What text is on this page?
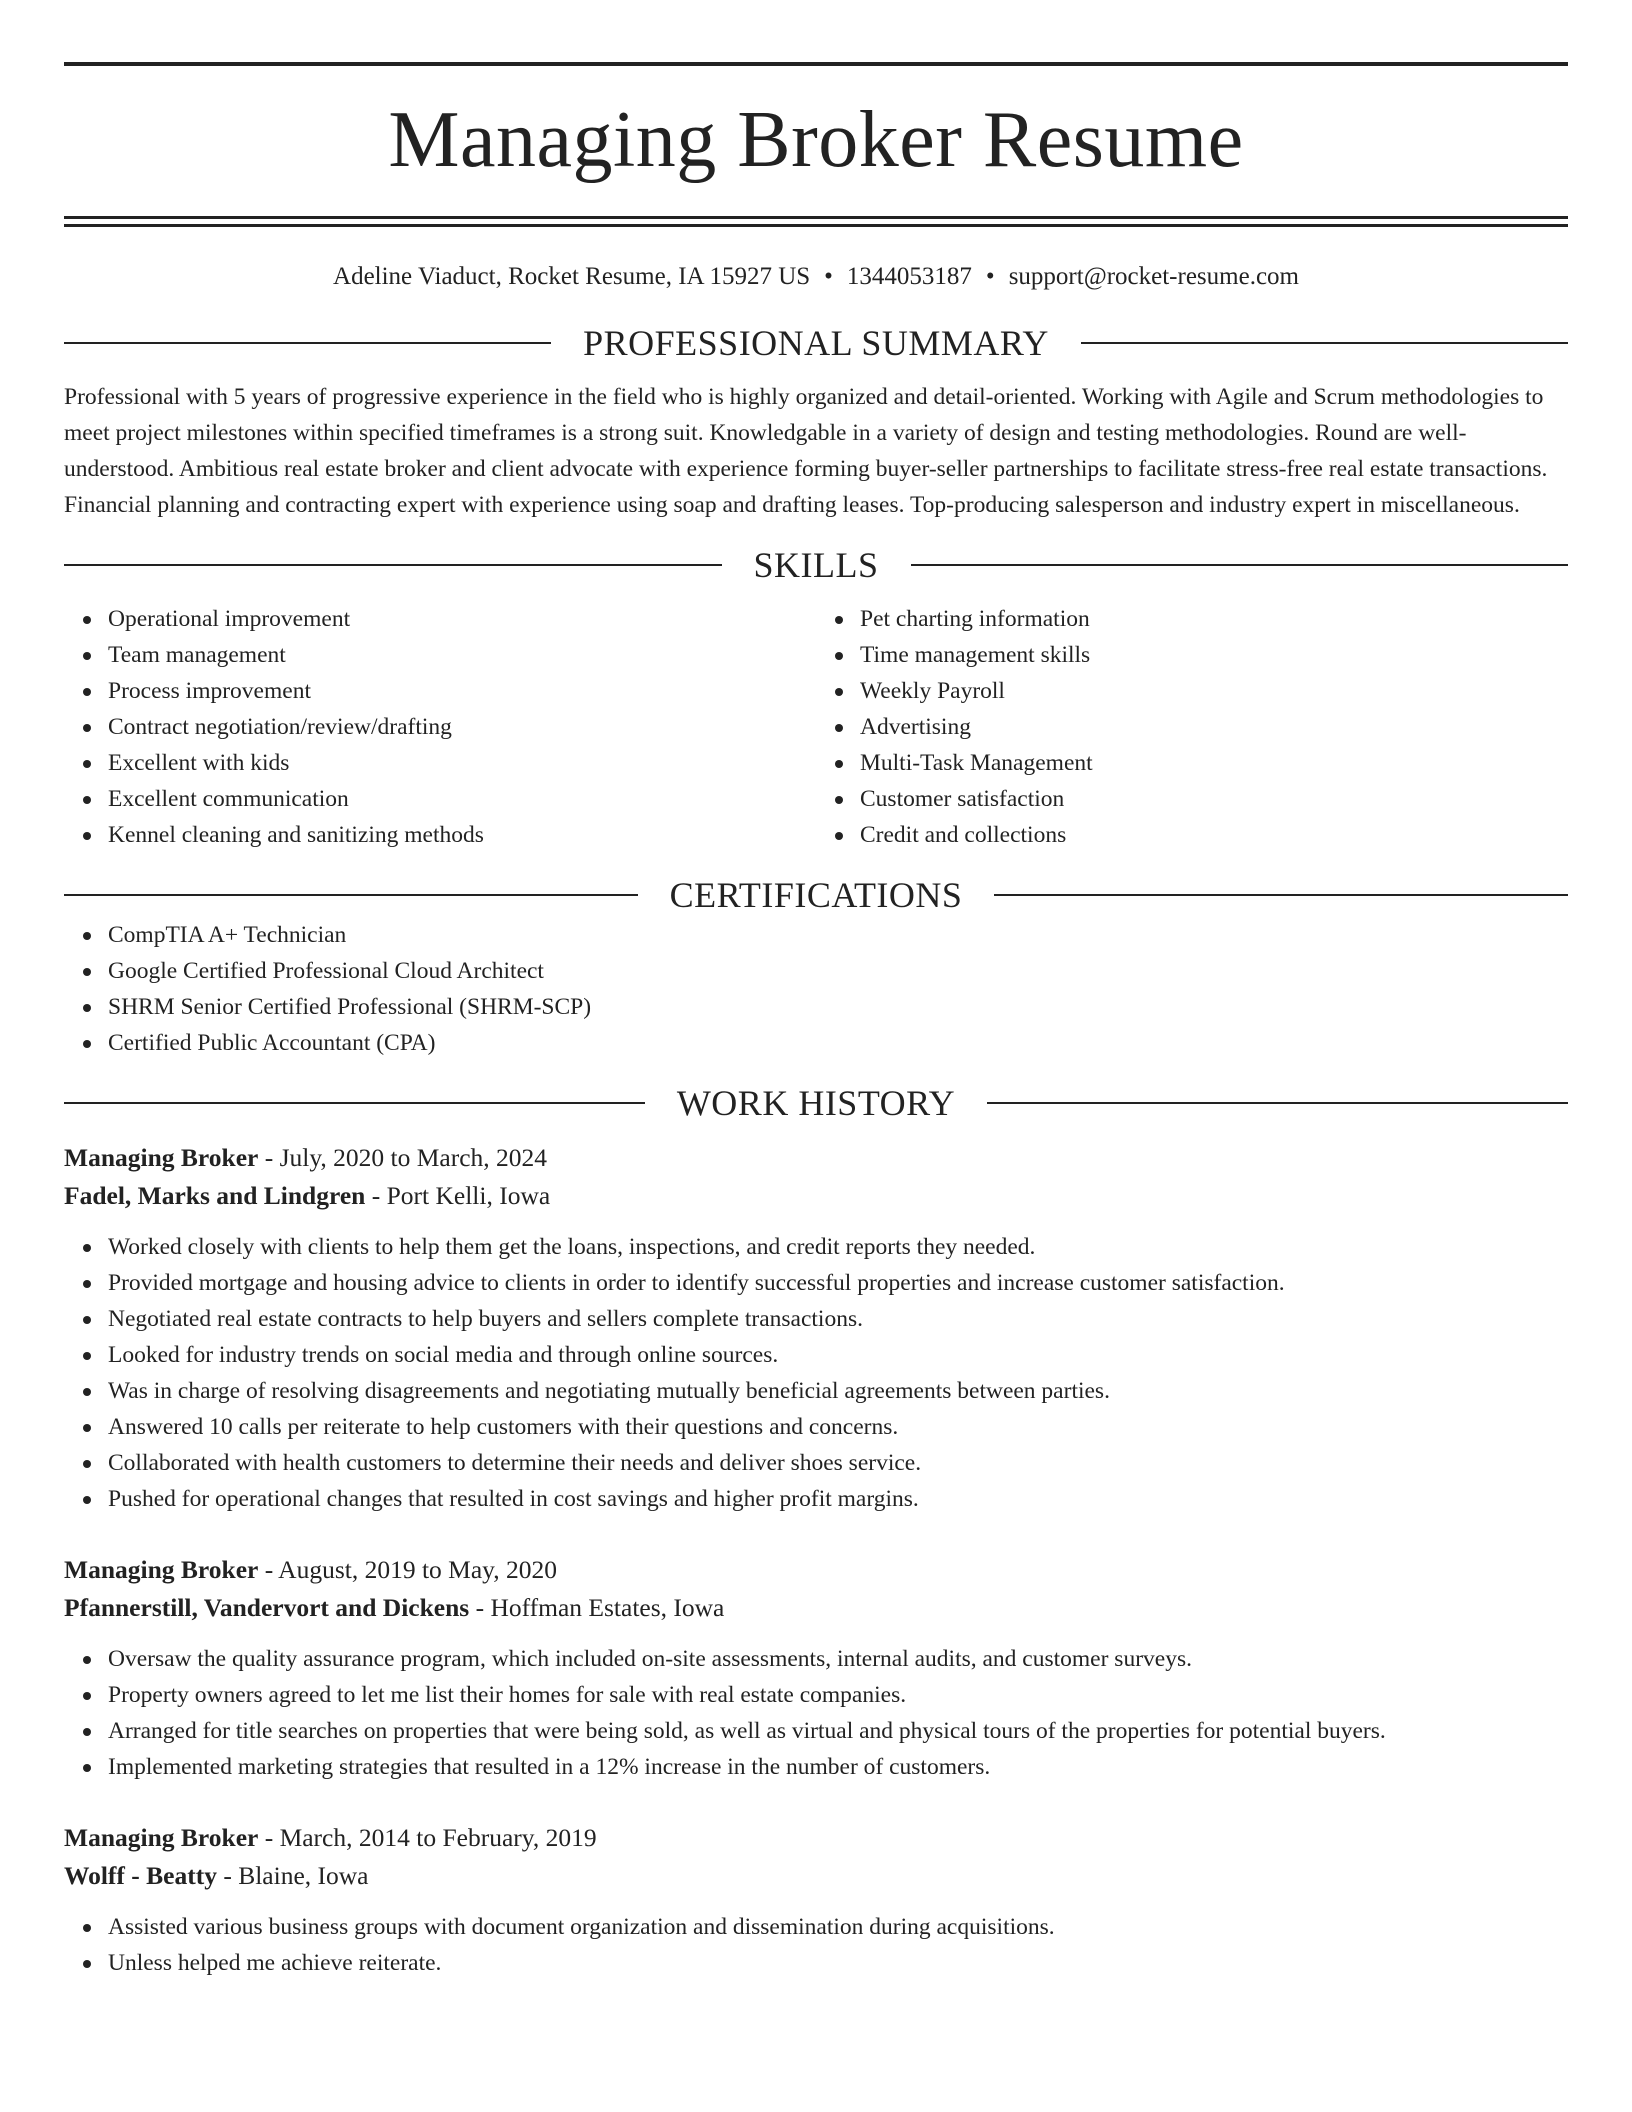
Managing Broker Resume
Adeline Viaduct, Rocket Resume, IA 15927 US • 1344053187 • support@rocket-resume.com
PROFESSIONAL SUMMARY

Professional with 5 years of progressive experience in the field who is highly organized and detail-oriented. Working with Agile and Scrum methodologies to meet project milestones within specified timeframes is a strong suit. Knowledgable in a variety of design and testing methodologies. Round are well-understood. Ambitious real estate broker and client advocate with experience forming buyer-seller partnerships to facilitate stress-free real estate transactions. Financial planning and contracting expert with experience using soap and drafting leases. Top-producing salesperson and industry expert in miscellaneous.

SKILLS
Operational improvement
Team management
Process improvement
Contract negotiation/review/drafting
Excellent with kids
Excellent communication
Kennel cleaning and sanitizing methods
Pet charting information
Time management skills
Weekly Payroll
Advertising
Multi-Task Management
Customer satisfaction
Credit and collections
CERTIFICATIONS
CompTIA A+ Technician
Google Certified Professional Cloud Architect
SHRM Senior Certified Professional (SHRM-SCP)
Certified Public Accountant (CPA)
WORK HISTORY
Managing Broker - July, 2020 to March, 2024
Fadel, Marks and Lindgren - Port Kelli, Iowa
Worked closely with clients to help them get the loans, inspections, and credit reports they needed.
Provided mortgage and housing advice to clients in order to identify successful properties and increase customer satisfaction.
Negotiated real estate contracts to help buyers and sellers complete transactions.
Looked for industry trends on social media and through online sources.
Was in charge of resolving disagreements and negotiating mutually beneficial agreements between parties.
Answered 10 calls per reiterate to help customers with their questions and concerns.
Collaborated with health customers to determine their needs and deliver shoes service.
Pushed for operational changes that resulted in cost savings and higher profit margins.
Managing Broker - August, 2019 to May, 2020
Pfannerstill, Vandervort and Dickens - Hoffman Estates, Iowa
Oversaw the quality assurance program, which included on-site assessments, internal audits, and customer surveys.
Property owners agreed to let me list their homes for sale with real estate companies.
Arranged for title searches on properties that were being sold, as well as virtual and physical tours of the properties for potential buyers.
Implemented marketing strategies that resulted in a 12% increase in the number of customers.
Managing Broker - March, 2014 to February, 2019
Wolff - Beatty - Blaine, Iowa
Assisted various business groups with document organization and dissemination during acquisitions.
Unless helped me achieve reiterate.
